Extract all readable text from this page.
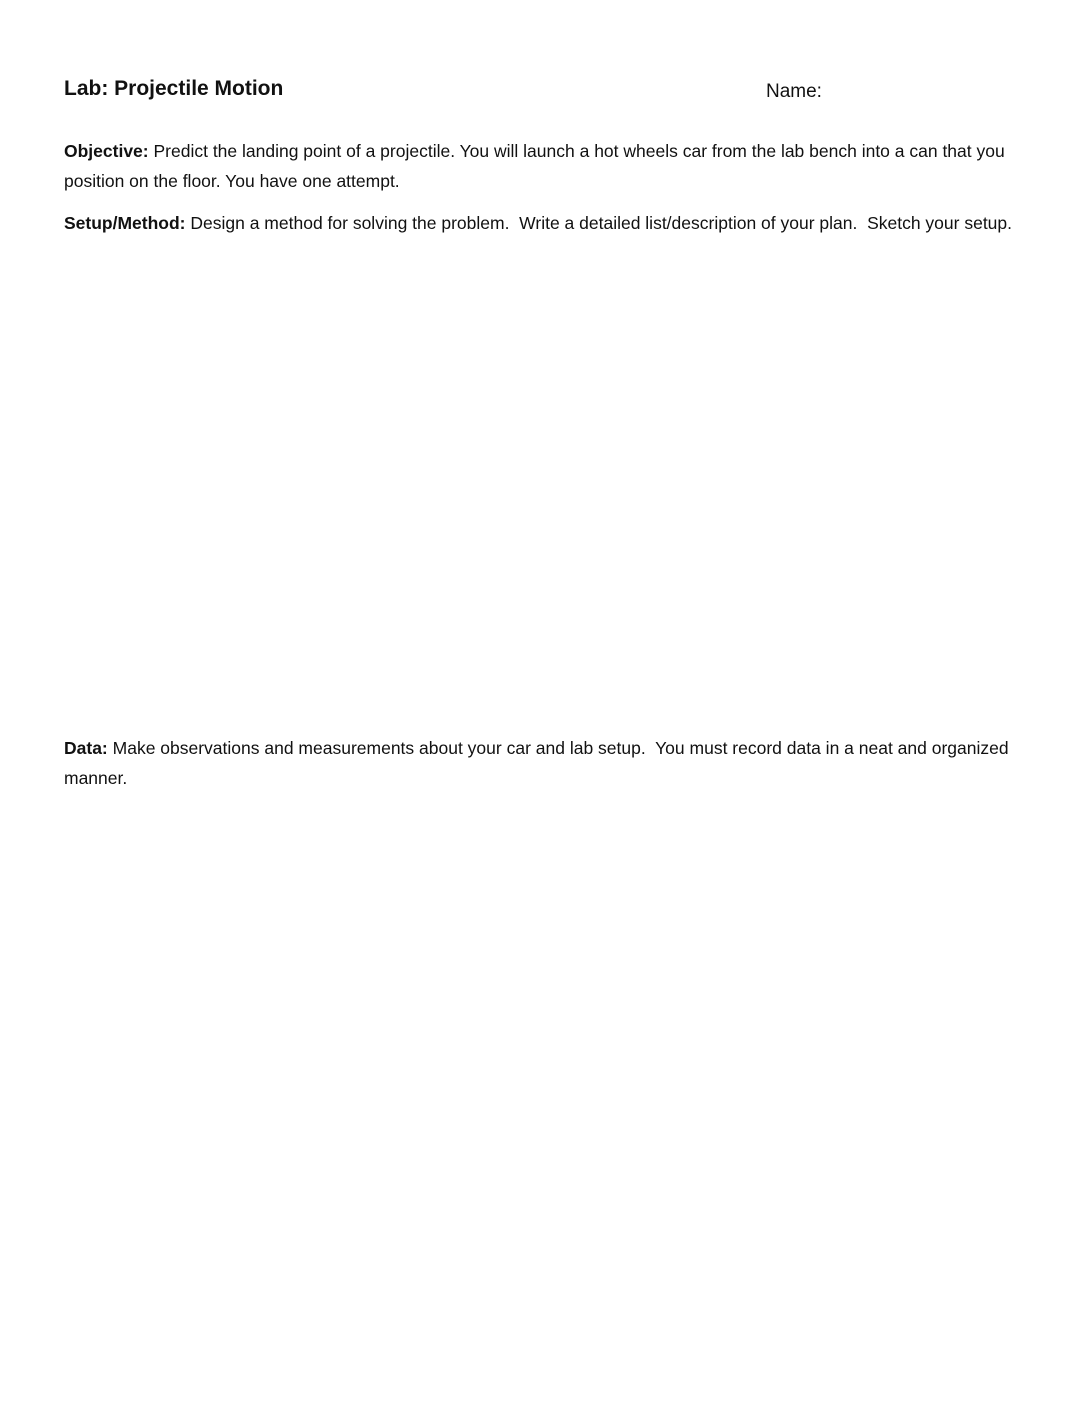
Lab: Projectile Motion	Name:

Objective: Predict the landing point of a projectile. You will launch a hot wheels car from the lab bench into a can that you position on the floor. You have one attempt.

Setup/Method: Design a method for solving the problem.  Write a detailed list/description of your plan.  Sketch your setup.

Data: Make observations and measurements about your car and lab setup.  You must record data in a neat and organized manner.
